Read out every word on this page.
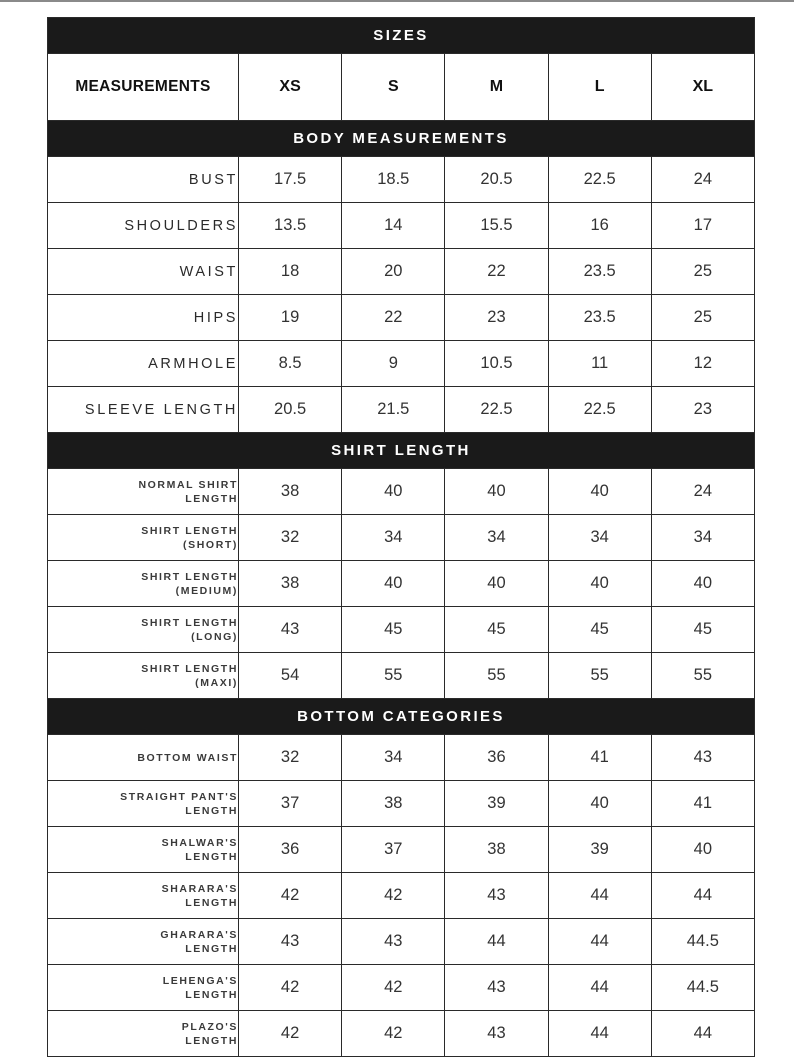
SIZES					
MEASUREMENTS	XS	S	M	L	XL
BODY MEASUREMENTS					
BUST	17.5	18.5	20.5	22.5	24
SHOULDERS	13.5	14	15.5	16	17
WAIST	18	20	22	23.5	25
HIPS	19	22	23	23.5	25
ARMHOLE	8.5	9	10.5	11	12
SLEEVE LENGTH	20.5	21.5	22.5	22.5	23
SHIRT LENGTH					

NORMAL SHIRT
LENGTH	38	40	40	40	24

SHIRT LENGTH
(SHORT)	32	34	34	34	34

SHIRT LENGTH
(MEDIUM)	38	40	40	40	40

SHIRT LENGTH
(LONG)	43	45	45	45	45

SHIRT LENGTH
(MAXI)	54	55	55	55	55
BOTTOM CATEGORIES					

BOTTOM WAIST	32	34	36	41	43

STRAIGHT PANT'S
LENGTH	37	38	39	40	41

SHALWAR'S
LENGTH	36	37	38	39	40

SHARARA'S
LENGTH	42	42	43	44	44

GHARARA'S
LENGTH	43	43	44	44	44.5

LEHENGA'S
LENGTH	42	42	43	44	44.5

PLAZO'S
LENGTH	42	42	43	44	44
